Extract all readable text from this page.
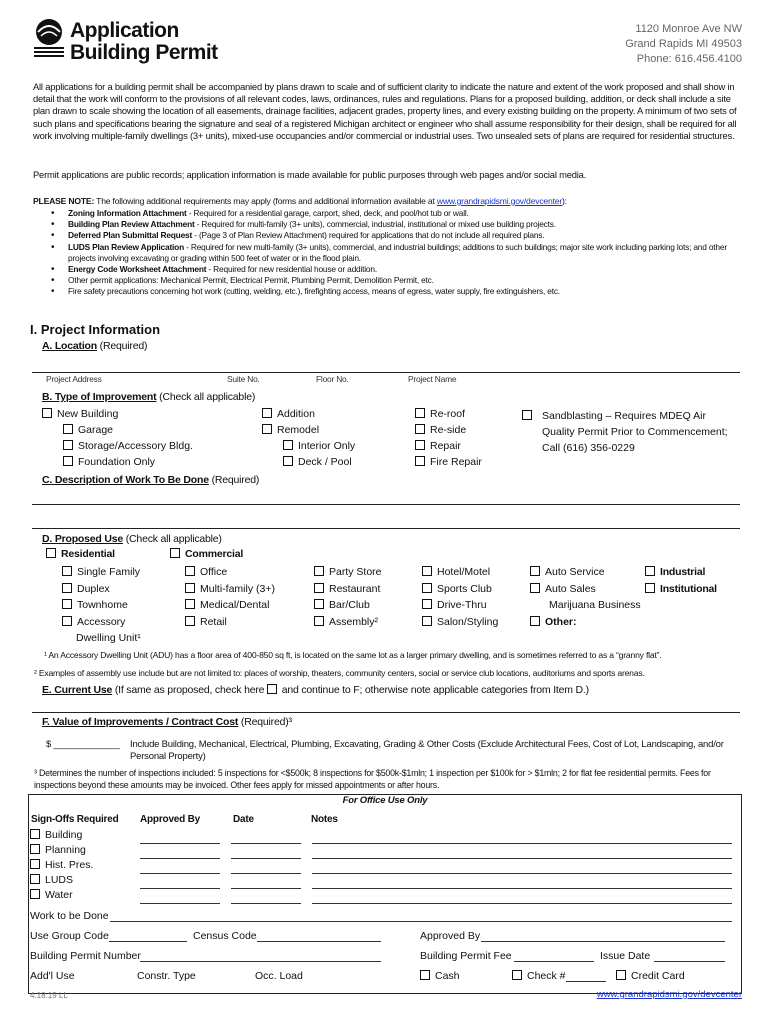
Application
Building Permit
1120 Monroe Ave NW
Grand Rapids MI 49503
Phone: 616.456.4100
All applications for a building permit shall be accompanied by plans drawn to scale and of sufficient clarity to indicate the nature and extent of the work proposed and shall show in detail that the work will conform to the provisions of all relevant codes, laws, ordinances, rules and regulations. Plans for a proposed building, addition, or deck shall include a site plan drawn to scale showing the location of all easements, drainage facilities, adjacent grades, property lines, and every existing building on the property. A minimum of two sets of such plans and specifications bearing the signature and seal of a registered Michigan architect or engineer who shall assume responsibility for their design, shall be required for all work involving multiple-family dwellings (3+ units), mixed-use occupancies and/or commercial or industrial uses. Two unsealed sets of plans are required for residential structures.
Permit applications are public records; application information is made available for public purposes through web pages and/or social media.
PLEASE NOTE: The following additional requirements may apply (forms and additional information available at www.grandrapidsmi.gov/devcenter):
• Zoning Information Attachment - Required for a residential garage, carport, shed, deck, and pool/hot tub or wall.
• Building Plan Review Attachment - Required for multi-family (3+ units), commercial, industrial, institutional or mixed use building projects.
• Deferred Plan Submittal Request - (Page 3 of Plan Review Attachment) required for applications that do not include all required plans.
• LUDS Plan Review Application - Required for new multi-family (3+ units), commercial, and industrial buildings; additions to such buildings; major site work including parking lots; and other projects involving excavating or grading within 500 feet of water or in the flood plain.
• Energy Code Worksheet Attachment - Required for new residential house or addition.
• Other permit applications: Mechanical Permit, Electrical Permit, Plumbing Permit, Demolition Permit, etc.
• Fire safety precautions concerning hot work (cutting, welding, etc.), firefighting access, means of egress, water supply, fire extinguishers, etc.
I. Project Information
A. Location (Required)
Project Address	Suite No.	Floor No.	Project Name
B. Type of Improvement (Check all applicable)
New Building
Garage
Storage/Accessory Bldg.
Foundation Only
Addition
Remodel
Interior Only
Deck / Pool
Re-roof
Re-side
Repair
Fire Repair
Sandblasting – Requires MDEQ Air Quality Permit Prior to Commencement; Call (616) 356-0229
C. Description of Work To Be Done (Required)
D. Proposed Use (Check all applicable)
Residential	Commercial
Single Family
Duplex
Townhome
Accessory
Dwelling Unit¹
Office
Multi-family (3+)
Medical/Dental
Retail
Party Store
Restaurant
Bar/Club
Assembly²
Hotel/Motel
Sports Club
Drive-Thru
Salon/Styling
Auto Service
Auto Sales
Marijuana Business
Other:
Industrial
Institutional
¹ An Accessory Dwelling Unit (ADU) has a floor area of 400-850 sq ft, is located on the same lot as a larger primary dwelling, and is sometimes referred to as a “granny flat”.
² Examples of assembly use include but are not limited to: places of worship, theaters, community centers, social or service club locations, auditoriums and sports arenas.
E. Current Use (If same as proposed, check here  and continue to F; otherwise note applicable categories from Item D.)
F. Value of Improvements / Contract Cost (Required)³
$ _____________ Include Building, Mechanical, Electrical, Plumbing, Excavating, Grading & Other Costs (Exclude Architectural Fees, Cost of Lot, Landscaping, and/or Personal Property)
³ Determines the number of inspections included: 5 inspections for <$500k; 8 inspections for $500k-$1mln; 1 inspection per $100k for > $1mln; 2 for flat fee residential permits. Fees for inspections beyond these amounts may be invoiced. Other fees apply for missed appointments or after hours.
For Office Use Only
Sign-Offs Required Approved By	Date	Notes
Building
Planning
Hist. Pres.
LUDS
Water
Work to be Done
Use Group Code	Census Code	Approved By
Building Permit Number	Building Permit Fee	Issue Date
Add'l Use	Constr. Type	Occ. Load	Cash	Check #	Credit Card
4.18.19 LL	www.grandrapidsmi.gov/devcenter
